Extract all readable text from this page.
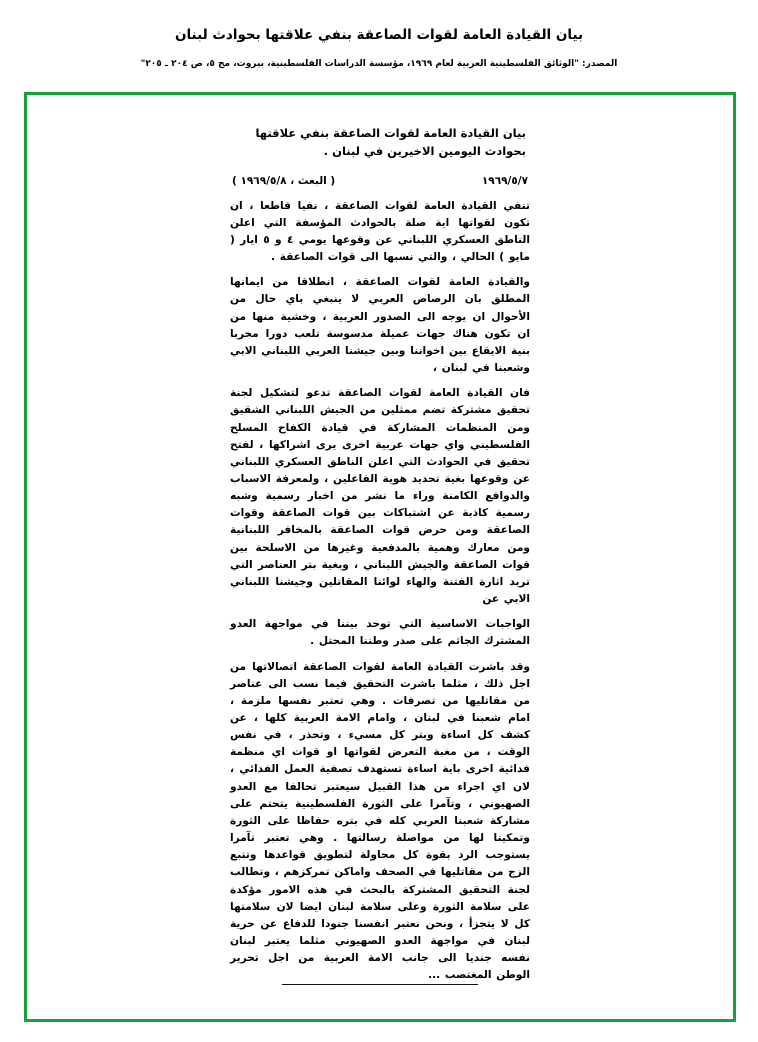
بيان القيادة العامة لقوات الصاعقة بنفي علاقتها بحوادث لبنان
المصدر: "الوثائق الفلسطينية العربية لعام ١٩٦٩، مؤسسة الدراسات الفلسطينية، بيروت، مج ٥، ص ٢٠٤ ـ ٢٠٥"
بيان القيادة العامة لقوات الصاعقة بنفي علاقتها بحوادث اليومين الاخيرين في لبنان .
١٩٦٩/٥/٧
( البعث ، ١٩٦٩/٥/٨ )

تنفي القيادة العامة لقوات الصاعقة ، نفيا قاطعا ، ان تكون لقواتها اية صلة بالحوادث المؤسفة التي اعلن الناطق العسكري اللبناني عن وقوعها يومي ٤ و ٥ ايار ( مايو ) الحالي ، والتي نسبها الى قوات الصاعقة .

والقيادة العامة لقوات الصاعقة ، انطلاقا من ايمانها المطلق بان الرصاص العربي لا ينبغي باي حال من الأحوال ان يوجه الى الصدور العربية ، وخشية منها من ان تكون هناك جهات عميلة مدسوسة تلعب دورا مخربا بنية الايقاع بين اخواننا وبين جيشنا العربي اللبناني الابي وشعبنا في لبنان ،

فان القيادة العامة لقوات الصاعقة تدعو لتشكيل لجنة تحقيق مشتركة تضم ممثلين من الجيش اللبناني الشقيق ومن المنظمات المشاركة في قيادة الكفاح المسلح الفلسطيني واي جهات عربية اخرى يرى اشراكها ، لفتح تحقيق في الحوادث التي اعلن الناطق العسكري اللبناني عن وقوعها بغية تحديد هوية الفاعلين ، ولمعرفة الاسباب والدوافع الكامنة وراء ما نشر من اخبار رسمية وشبه رسمية كاذبة عن اشتباكات بين قوات الصاعقة وقوات الصاعقة ومن حرض قوات الصاعقة بالمخافر اللبنانية ومن معارك وهمية بالمدفعية وغيرها من الاسلحة بين قوات الصاعقة والجيش اللبناني ، وبغية بتر العناصر التي تريد اثارة الفتنة والهاء لوائنا المقاتلين وجيشنا اللبناني الابي عن

الواجبات الاساسية التي توحد بيننا في مواجهة العدو المشترك الجاثم على صدر وطننا المحتل .

وقد باشرت القيادة العامة لقوات الصاعقة اتصالاتها من اجل ذلك ، مثلما باشرت التحقيق فيما نسب الى عناصر من مقاتليها من تصرفات . وهي تعتبر نفسها ملزمة ، امام شعبنا في لبنان ، وامام الامة العربية كلها ، عن كشف كل اساءة وبتر كل مسيء ، وتحذر ، في نفس الوقت ، من مغبة التعرض لقواتها او قوات اي منظمة فدائية اخرى باية اساءة تستهدف تصفية العمل الفدائي ، لان اي اجراء من هذا القبيل سيعتبر تحالفا مع العدو الصهيوني ، وتآمرا على الثورة الفلسطينية يتحتم على مشاركة شعبنا العربي كله في بتره حفاظا على الثورة وتمكينا لها من مواصلة رسالتها . وهي تعتبر تآمرا يستوجب الرد بقوة كل محاولة لتطويق قواعدها وتتبع الزج من مقاتليها في الصحف واماكن تمركزهم ، وتطالب لجنة التحقيق المشتركة بالبحث في هذه الامور مؤكدة على سلامة الثورة وعلى سلامة لبنان ايضا لان سلامتها كل لا يتجزأ ، ونحن نعتبر انفسنا جنودا للدفاع عن حرية لبنان في مواجهة العدو الصهيوني مثلما يعتبر لبنان نفسه جنديا الى جانب الامة العربية من اجل تحرير الوطن المغتصب ...
